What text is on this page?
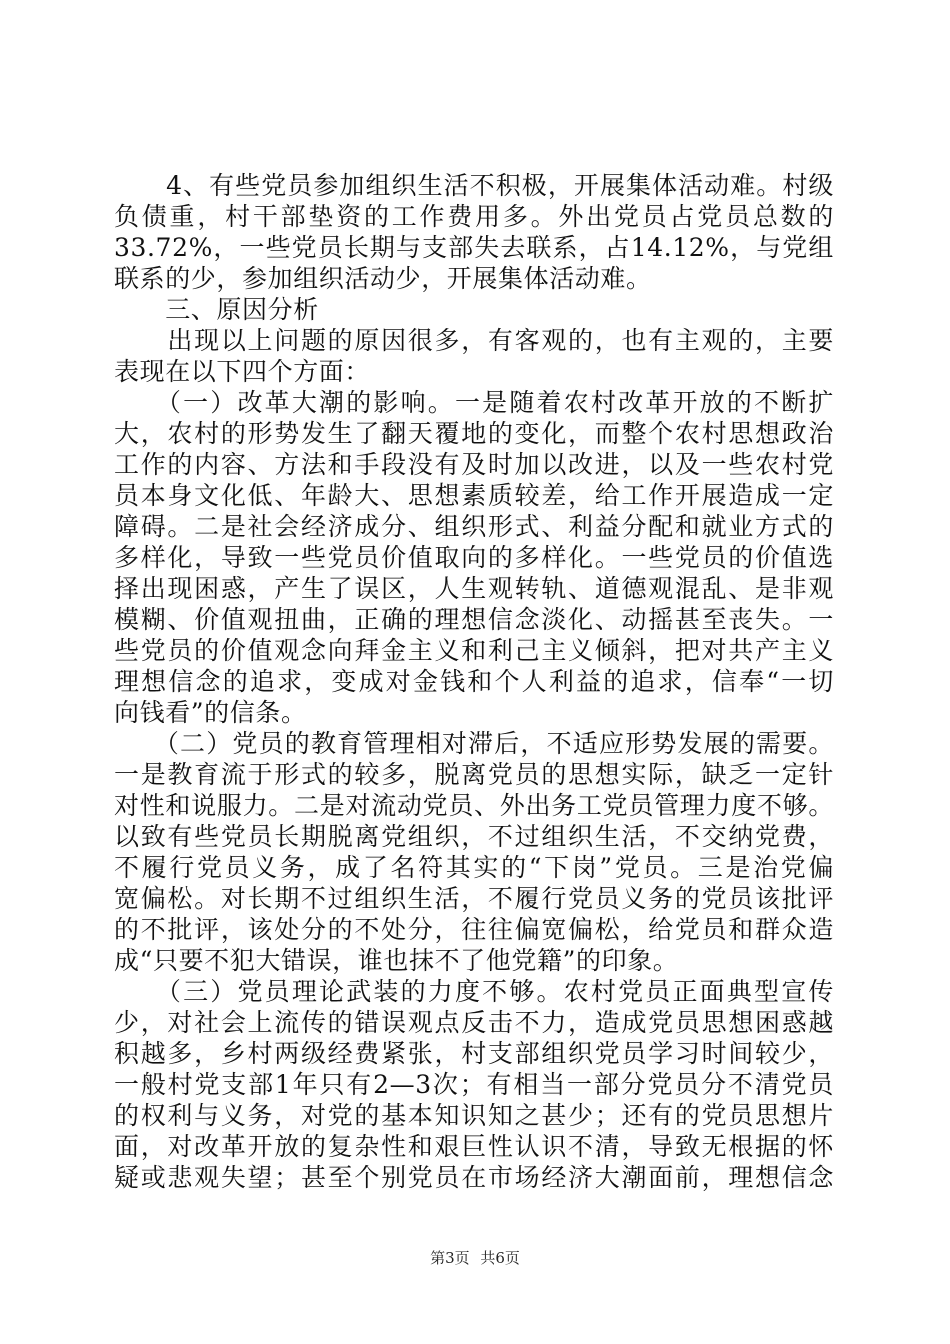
　　4、有些党员参加组织生活不积极，开展集体活动难。村级
负债重，村干部垫资的工作费用多。外出党员占党员总数的
33.72%，一些党员长期与支部失去联系，占14.12%，与党组
联系的少，参加组织活动少，开展集体活动难。
　　三、原因分析
　　出现以上问题的原因很多，有客观的，也有主观的，主要
表现在以下四个方面：
　　（一）改革大潮的影响。一是随着农村改革开放的不断扩
大，农村的形势发生了翻天覆地的变化，而整个农村思想政治
工作的内容、方法和手段没有及时加以改进，以及一些农村党
员本身文化低、年龄大、思想素质较差，给工作开展造成一定
障碍。二是社会经济成分、组织形式、利益分配和就业方式的
多样化，导致一些党员价值取向的多样化。一些党员的价值选
择出现困惑，产生了误区，人生观转轨、道德观混乱、是非观
模糊、价值观扭曲，正确的理想信念淡化、动摇甚至丧失。一
些党员的价值观念向拜金主义和利己主义倾斜，把对共产主义
理想信念的追求，变成对金钱和个人利益的追求，信奉“一切
向钱看”的信条。
　　（二）党员的教育管理相对滞后，不适应形势发展的需要。
一是教育流于形式的较多，脱离党员的思想实际，缺乏一定针
对性和说服力。二是对流动党员、外出务工党员管理力度不够。
以致有些党员长期脱离党组织，不过组织生活，不交纳党费，
不履行党员义务，成了名符其实的“下岗”党员。三是治党偏
宽偏松。对长期不过组织生活，不履行党员义务的党员该批评
的不批评，该处分的不处分，往往偏宽偏松，给党员和群众造
成“只要不犯大错误，谁也抹不了他党籍”的印象。
　　（三）党员理论武装的力度不够。农村党员正面典型宣传
少，对社会上流传的错误观点反击不力，造成党员思想困惑越
积越多，乡村两级经费紧张，村支部组织党员学习时间较少，
一般村党支部1年只有2—3次；有相当一部分党员分不清党员
的权利与义务，对党的基本知识知之甚少；还有的党员思想片
面，对改革开放的复杂性和艰巨性认识不清，导致无根据的怀
疑或悲观失望；甚至个别党员在市场经济大潮面前，理想信念
第3页 共6页
